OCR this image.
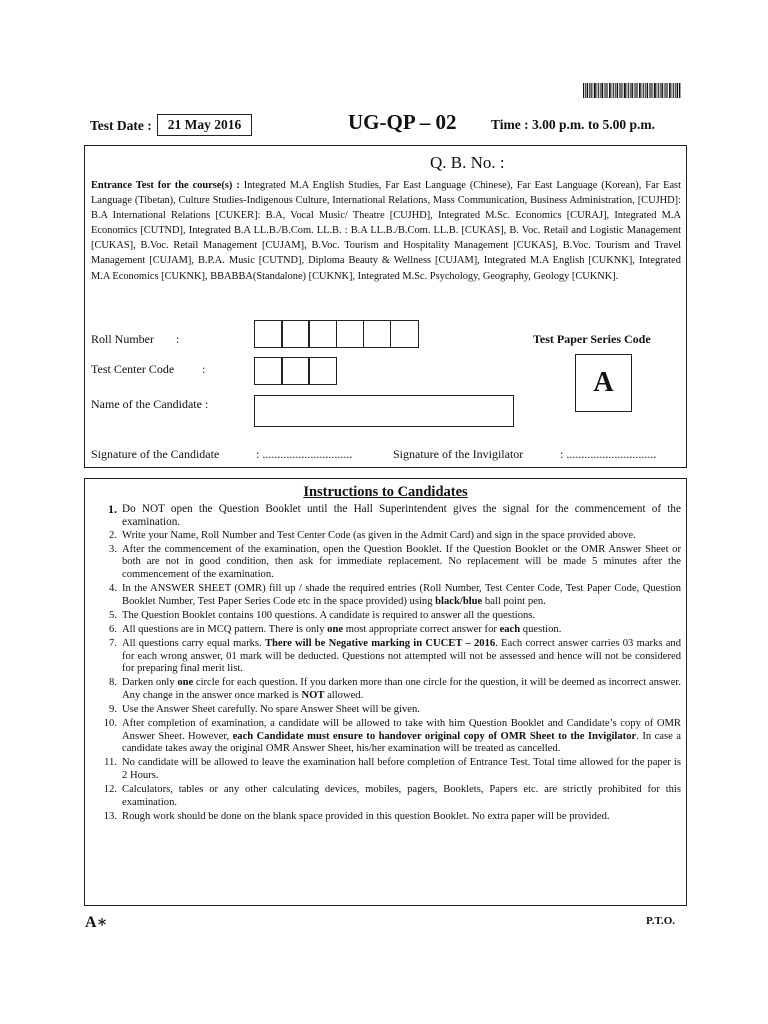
Test Date :	21 May 2016	UG-QP – 02	Time : 3.00 p.m. to 5.00 p.m.
Q. B. No. :
Entrance Test for the course(s) : Integrated M.A English Studies, Far East Language (Chinese), Far East Language (Korean), Far East Language (Tibetan), Culture Studies-Indigenous Culture, International Relations, Mass Communication, Business Administration, [CUJHD]: B.A International Relations [CUKER]: B.A, Vocal Music/ Theatre [CUJHD], Integrated M.Sc. Economics [CURAJ], Integrated M.A Economics [CUTND], Integrated B.A LL.B./B.Com. LL.B. : B.A LL.B./B.Com. LL.B. [CUKAS], B. Voc. Retail and Logistic Management [CUKAS], B.Voc. Retail Management [CUJAM], B.Voc. Tourism and Hospitality Management [CUKAS], B.Voc. Tourism and Travel Management [CUJAM], B.P.A. Music [CUTND], Diploma Beauty & Wellness [CUJAM], Integrated M.A English [CUKNK], Integrated M.A Economics [CUKNK], BBABBA(Standalone) [CUKNK], Integrated M.Sc. Psychology, Geography, Geology [CUKNK].
Roll Number :
Test Center Code :
Test Paper Series Code
A
Name of the Candidate :
Signature of the Candidate	: ..............................	Signature of the Invigilator	: ..............................
Instructions to Candidates
1. Do NOT open the Question Booklet until the Hall Superintendent gives the signal for the commencement of the examination.
2. Write your Name, Roll Number and Test Center Code (as given in the Admit Card) and sign in the space provided above.
3. After the commencement of the examination, open the Question Booklet. If the Question Booklet or the OMR Answer Sheet or both are not in good condition, then ask for immediate replacement. No replacement will be made 5 minutes after the commencement of the examination.
4. In the ANSWER SHEET (OMR) fill up / shade the required entries (Roll Number, Test Center Code, Test Paper Code, Question Booklet Number, Test Paper Series Code etc in the space provided) using black/blue ball point pen.
5. The Question Booklet contains 100 questions. A candidate is required to answer all the questions.
6. All questions are in MCQ pattern. There is only one most appropriate correct answer for each question.
7. All questions carry equal marks. There will be Negative marking in CUCET – 2016. Each correct answer carries 03 marks and for each wrong answer, 01 mark will be deducted. Questions not attempted will not be assessed and hence will not be considered for preparing final merit list.
8. Darken only one circle for each question. If you darken more than one circle for the question, it will be deemed as incorrect answer. Any change in the answer once marked is NOT allowed.
9. Use the Answer Sheet carefully. No spare Answer Sheet will be given.
10. After completion of examination, a candidate will be allowed to take with him Question Booklet and Candidate’s copy of OMR Answer Sheet. However, each Candidate must ensure to handover original copy of OMR Sheet to the Invigilator. In case a candidate takes away the original OMR Answer Sheet, his/her examination will be treated as cancelled.
11. No candidate will be allowed to leave the examination hall before completion of Entrance Test. Total time allowed for the paper is 2 Hours.
12. Calculators, tables or any other calculating devices, mobiles, pagers, Booklets, Papers etc. are strictly prohibited for this examination.
13. Rough work should be done on the blank space provided in this question Booklet. No extra paper will be provided.
A∗	P.T.O.
